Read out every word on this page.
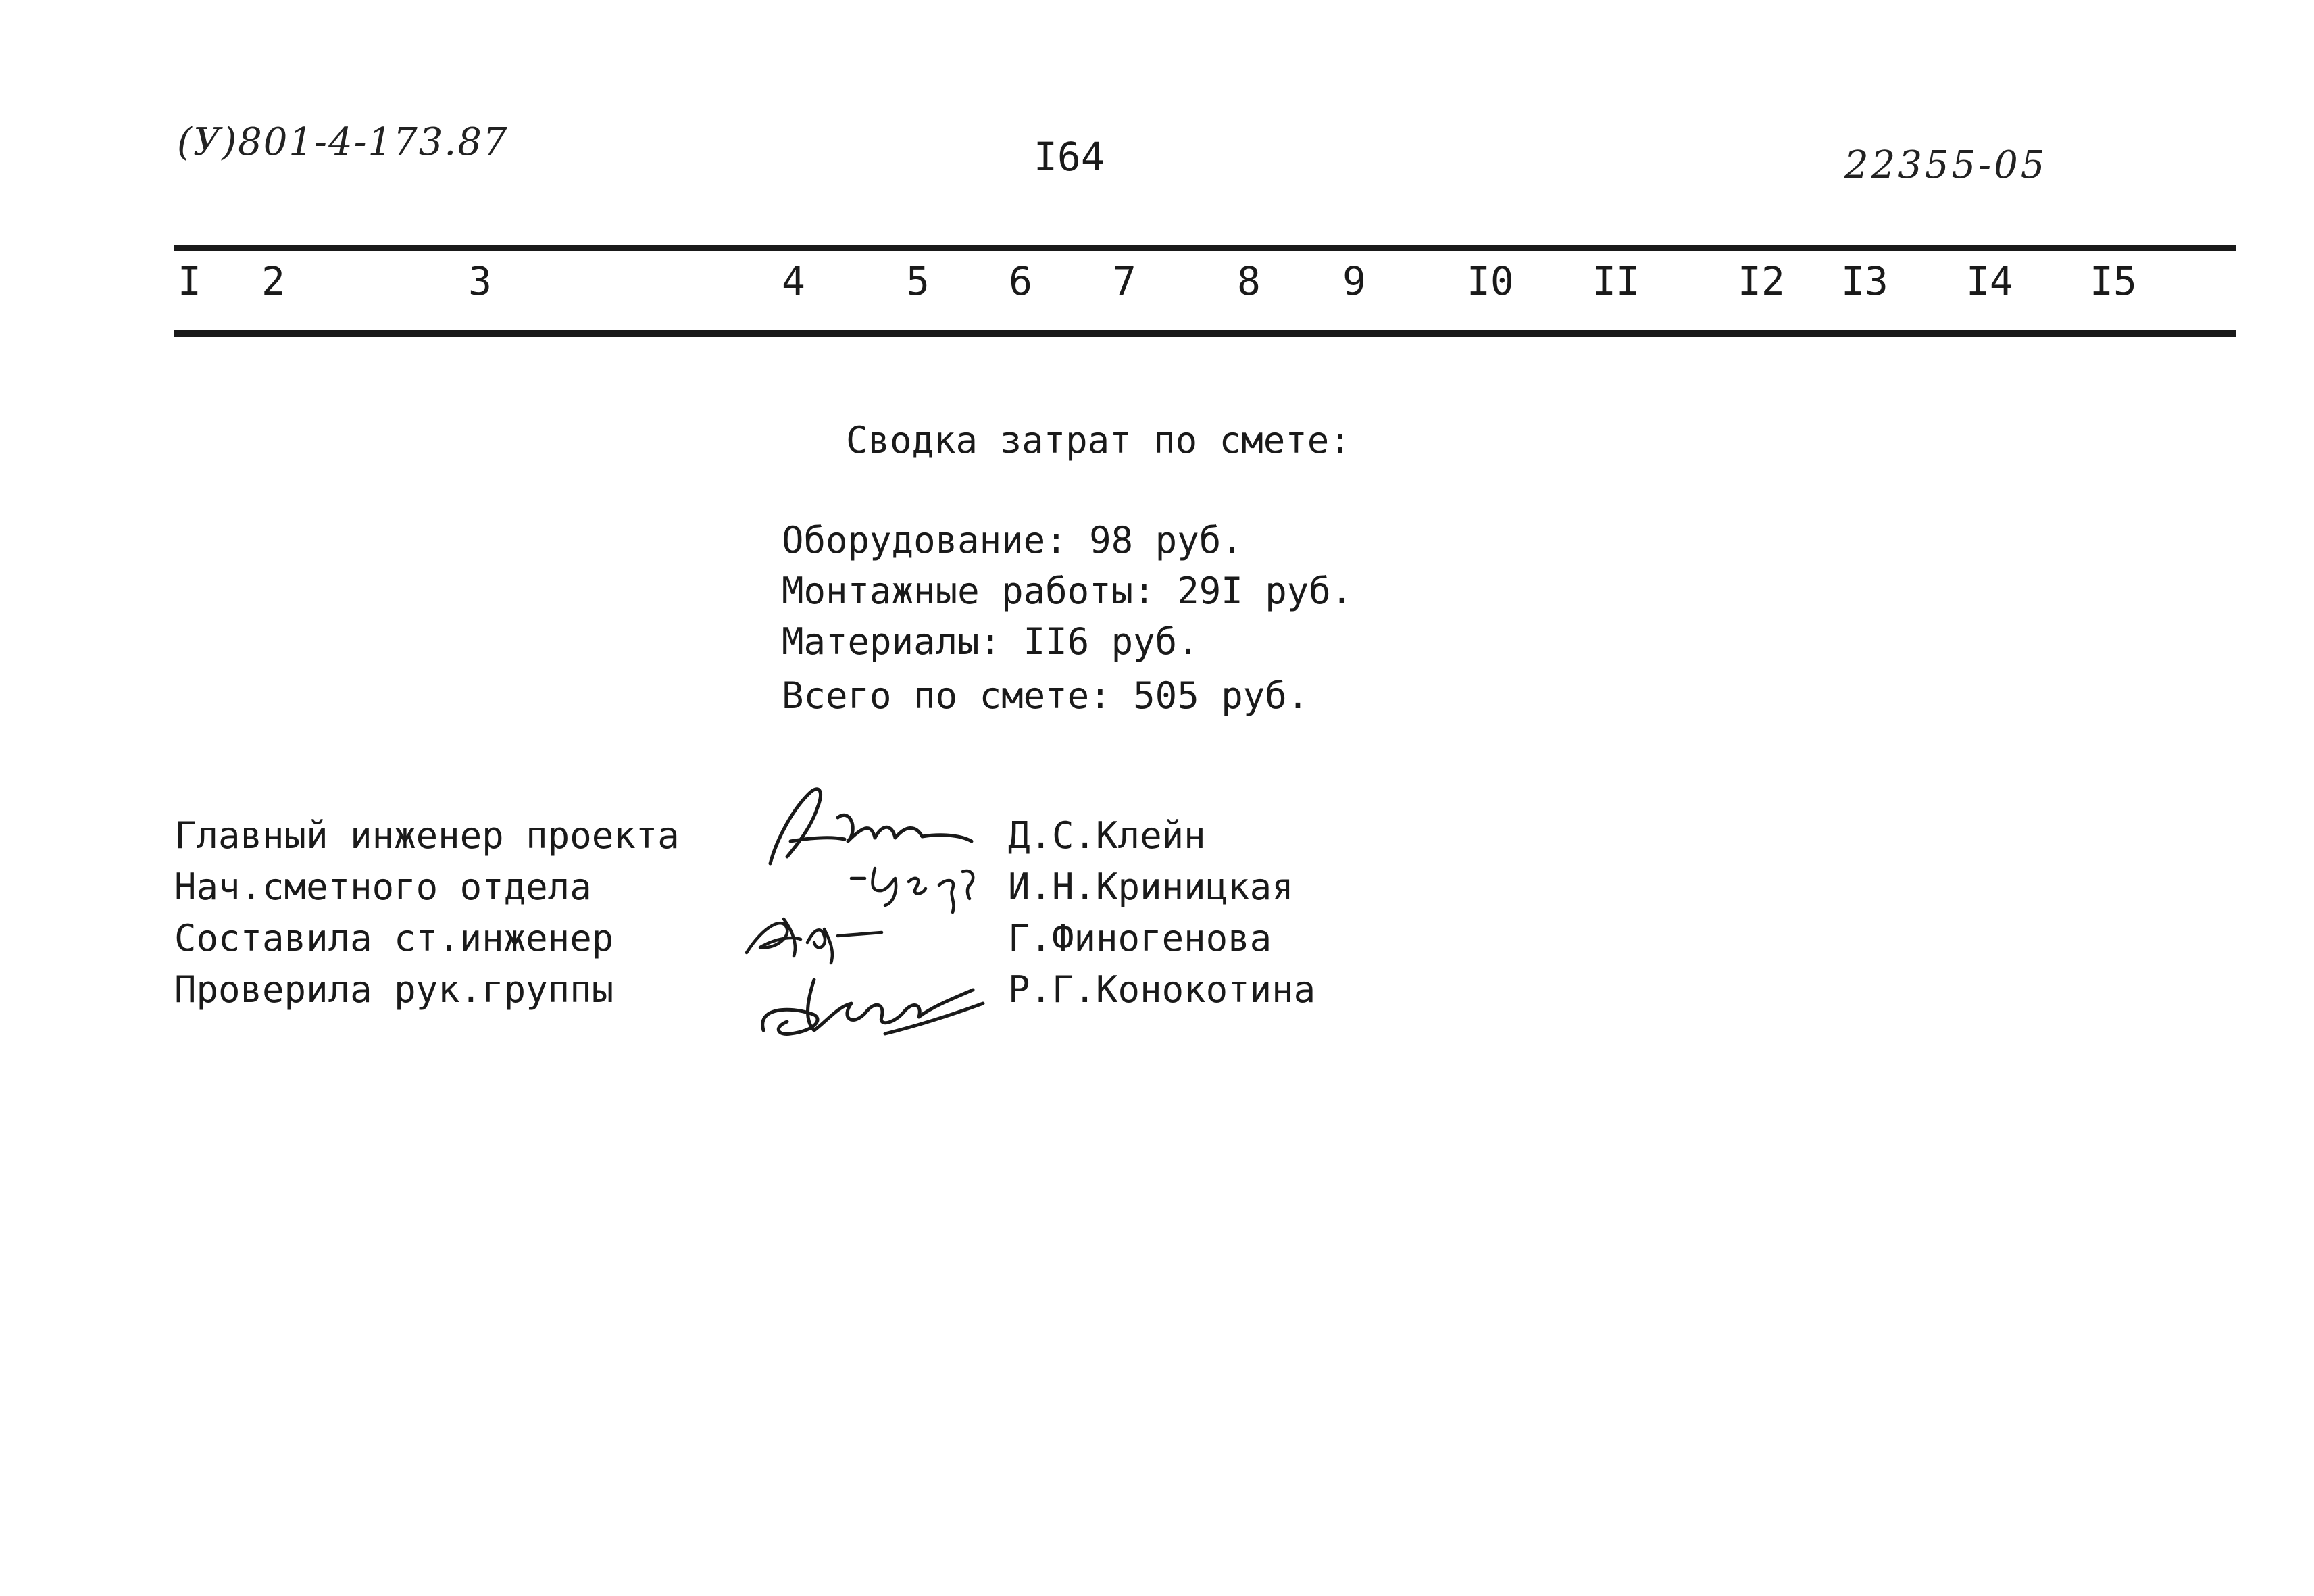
(У)801-4-173.87	I64	22355-05
I 2	3	4	5 6 7	8 9	I0 II	I2 I3 I4 I5
Сводка затрат по смете:
Оборудование: 98 руб.
Монтажные работы: 29I руб.
Материалы: II6 руб.
Всего по смете: 505 руб.
Главный инженер проекта	Д.С.Клейн
Нач.сметного отдела	И.Н.Криницкая
Составила ст.инженер	Г.Финогенова
Проверила рук.группы	Р.Г.Конокотина
